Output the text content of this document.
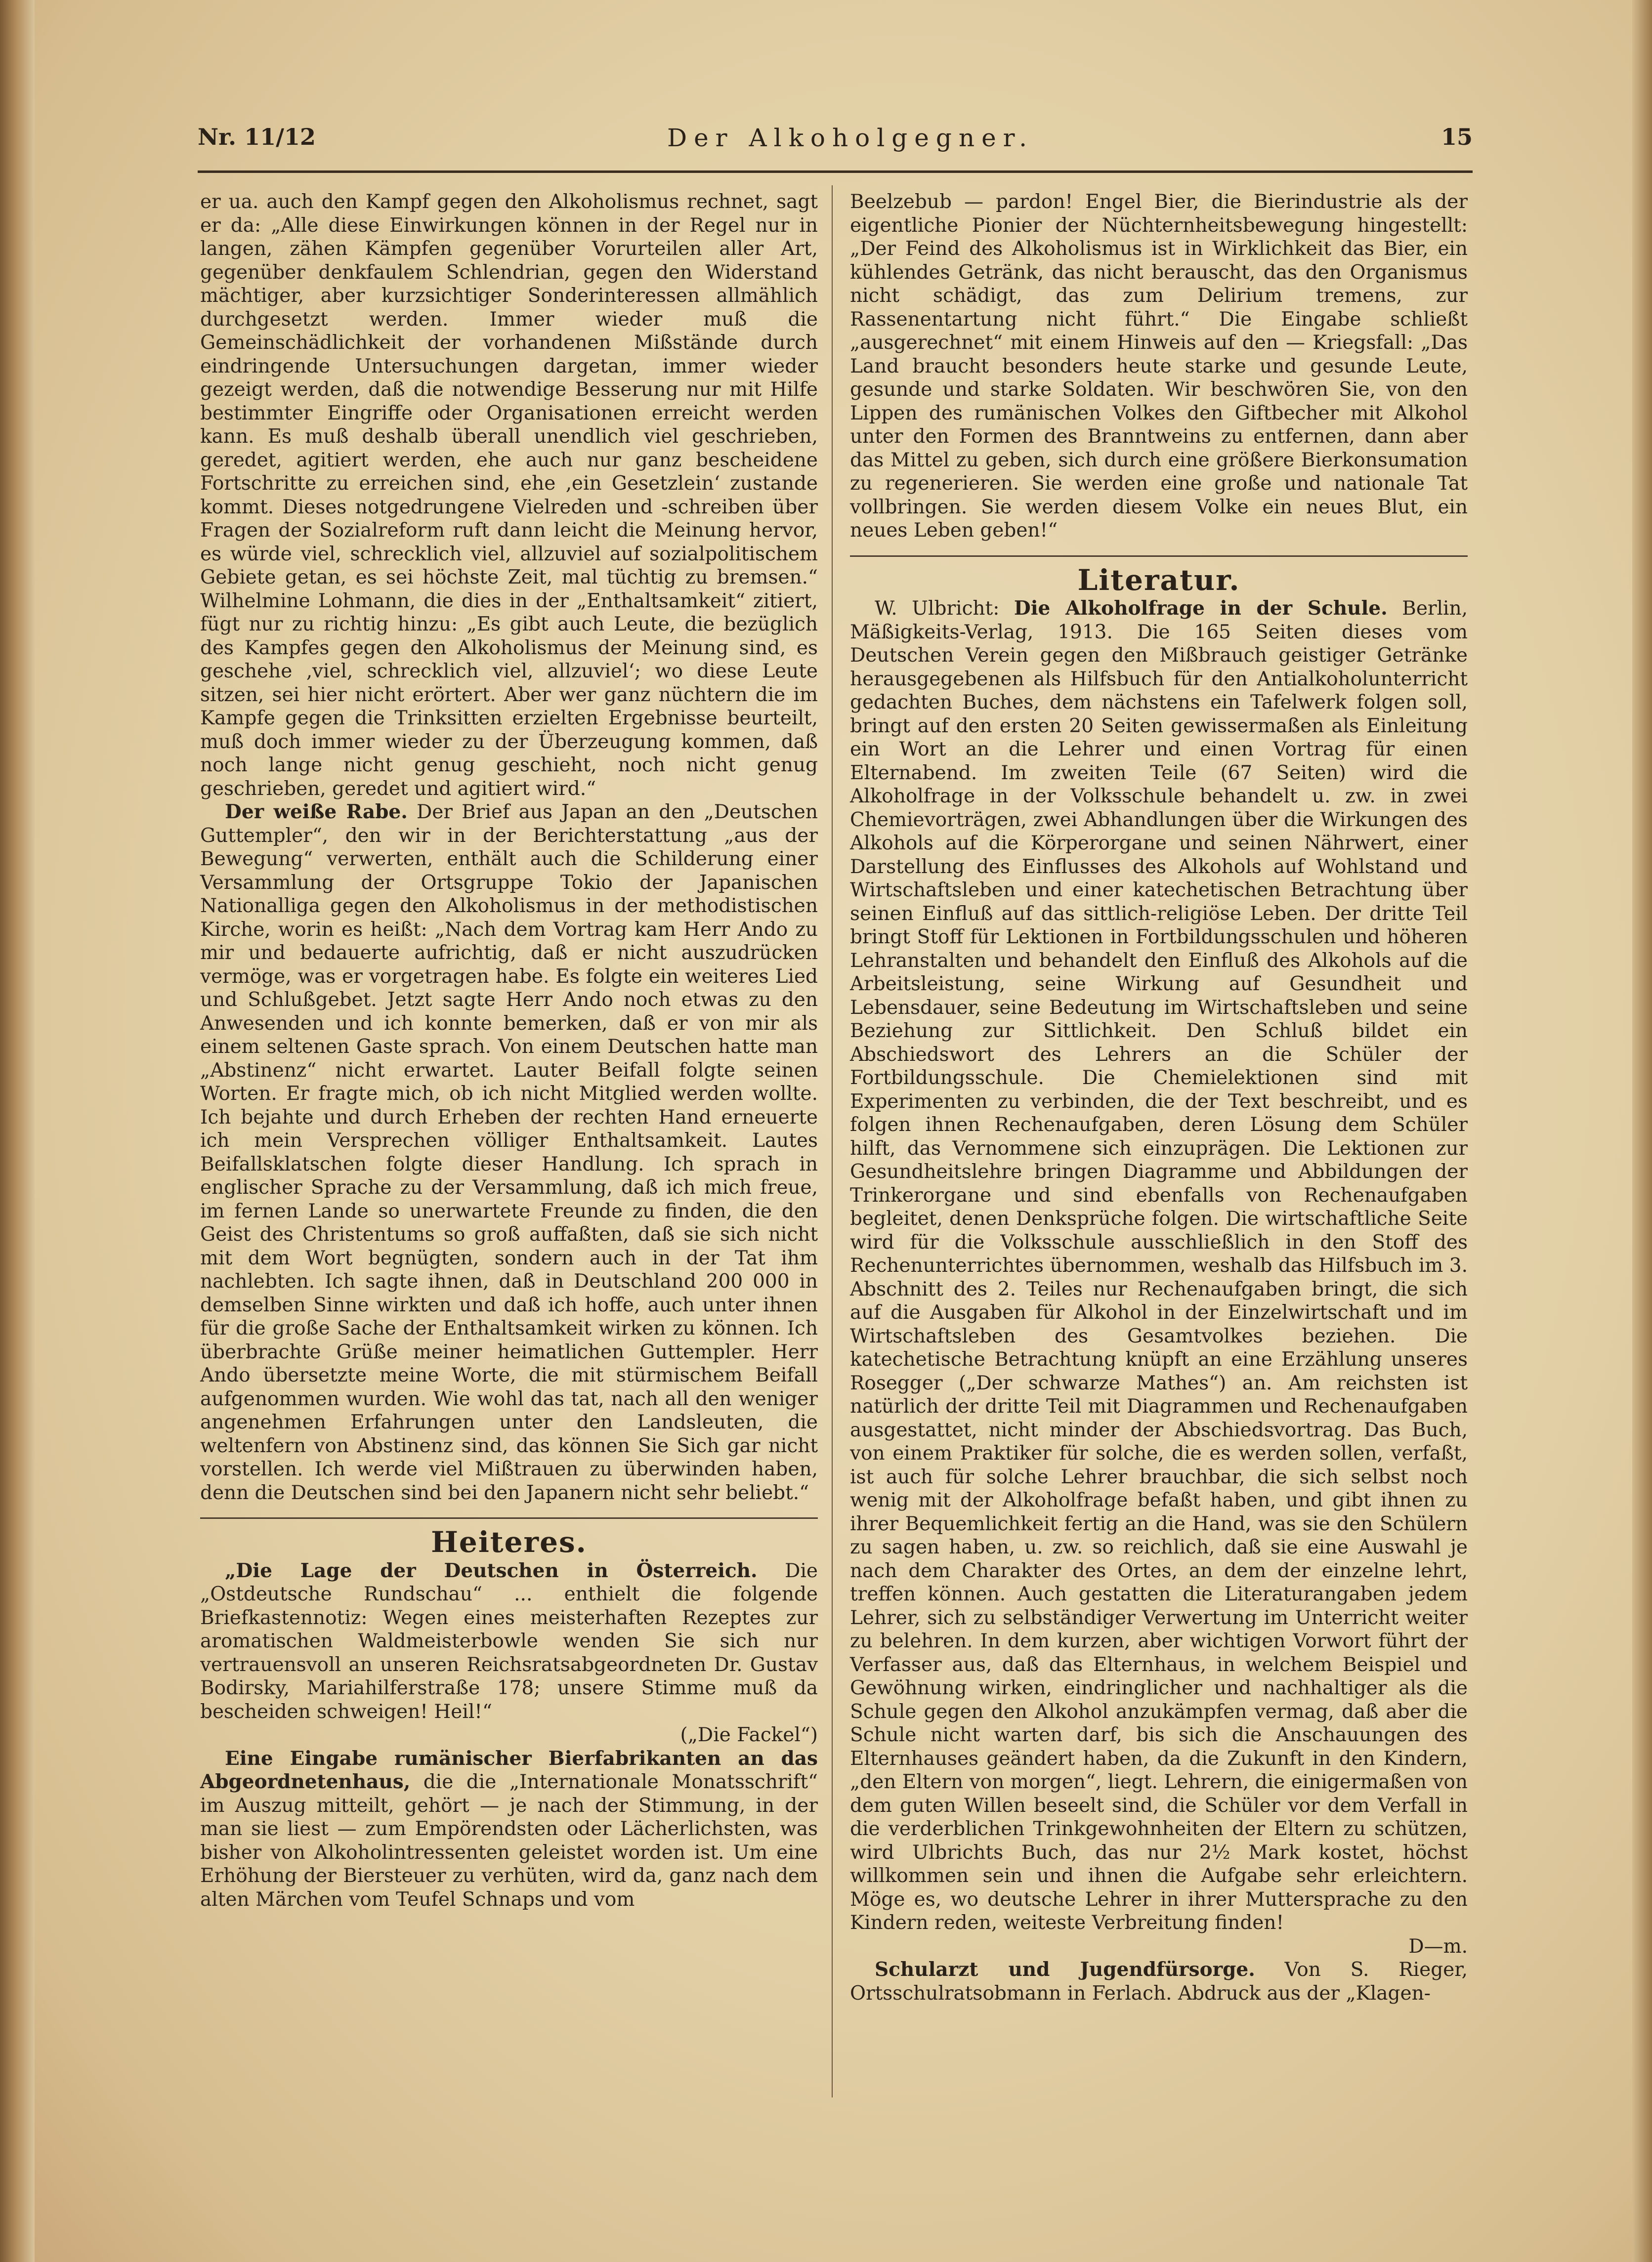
Nr. 11/12	Der Alkoholgegner.	15

er ua. auch den Kampf gegen den Alkoholismus rechnet, sagt er da: „Alle diese Einwirkungen können in der Regel nur in langen, zähen Kämpfen gegenüber Vorurteilen aller Art, gegenüber denkfaulem Schlendrian, gegen den Widerstand mächtiger, aber kurzsichtiger Sonderinteressen allmählich durchgesetzt werden. Immer wieder muß die Gemeinschädlichkeit der vorhandenen Mißstände durch eindringende Untersuchungen dargetan, immer wieder gezeigt werden, daß die notwendige Besserung nur mit Hilfe bestimmter Eingriffe oder Organisationen erreicht werden kann. Es muß deshalb überall unendlich viel geschrieben, geredet, agitiert werden, ehe auch nur ganz bescheidene Fortschritte zu erreichen sind, ehe ‚ein Gesetzlein‘ zustande kommt. Dieses notgedrungene Vielreden und -schreiben über Fragen der Sozialreform ruft dann leicht die Meinung hervor, es würde viel, schrecklich viel, allzuviel auf sozialpolitischem Gebiete getan, es sei höchste Zeit, mal tüchtig zu bremsen.“ Wilhelmine Lohmann, die dies in der „Enthaltsamkeit“ zitiert, fügt nur zu richtig hinzu: „Es gibt auch Leute, die bezüglich des Kampfes gegen den Alkoholismus der Meinung sind, es geschehe ‚viel, schrecklich viel, allzuviel‘; wo diese Leute sitzen, sei hier nicht erörtert. Aber wer ganz nüchtern die im Kampfe gegen die Trinksitten erzielten Ergebnisse beurteilt, muß doch immer wieder zu der Überzeugung kommen, daß noch lange nicht genug geschieht, noch nicht genug geschrieben, geredet und agitiert wird.“

Der weiße Rabe. Der Brief aus Japan an den „Deutschen Guttempler“, den wir in der Berichterstattung „aus der Bewegung“ verwerten, enthält auch die Schilderung einer Versammlung der Ortsgruppe Tokio der Japanischen Nationalliga gegen den Alkoholismus in der methodistischen Kirche, worin es heißt: „Nach dem Vortrag kam Herr Ando zu mir und bedauerte aufrichtig, daß er nicht auszudrücken vermöge, was er vorgetragen habe. Es folgte ein weiteres Lied und Schlußgebet. Jetzt sagte Herr Ando noch etwas zu den Anwesenden und ich konnte bemerken, daß er von mir als einem seltenen Gaste sprach. Von einem Deutschen hatte man „Abstinenz“ nicht erwartet. Lauter Beifall folgte seinen Worten. Er fragte mich, ob ich nicht Mitglied werden wollte. Ich bejahte und durch Erheben der rechten Hand erneuerte ich mein Versprechen völliger Enthaltsamkeit. Lautes Beifallsklatschen folgte dieser Handlung. Ich sprach in englischer Sprache zu der Versammlung, daß ich mich freue, im fernen Lande so unerwartete Freunde zu finden, die den Geist des Christentums so groß auffaßten, daß sie sich nicht mit dem Wort begnügten, sondern auch in der Tat ihm nachlebten. Ich sagte ihnen, daß in Deutschland 200 000 in demselben Sinne wirkten und daß ich hoffe, auch unter ihnen für die große Sache der Enthaltsamkeit wirken zu können. Ich überbrachte Grüße meiner heimatlichen Guttempler. Herr Ando übersetzte meine Worte, die mit stürmischem Beifall aufgenommen wurden. Wie wohl das tat, nach all den weniger angenehmen Erfahrungen unter den Landsleuten, die weltenfern von Abstinenz sind, das können Sie Sich gar nicht vorstellen. Ich werde viel Mißtrauen zu überwinden haben, denn die Deutschen sind bei den Japanern nicht sehr beliebt.“

Heiteres.

„Die Lage der Deutschen in Österreich. Die „Ostdeutsche Rundschau“ ... enthielt die folgende Briefkastennotiz: Wegen eines meisterhaften Rezeptes zur aromatischen Waldmeisterbowle wenden Sie sich nur vertrauensvoll an unseren Reichsratsabgeordneten Dr. Gustav Bodirsky, Mariahilferstraße 178; unsere Stimme muß da bescheiden schweigen! Heil!“

(„Die Fackel“)

Eine Eingabe rumänischer Bierfabrikanten an das Abgeordnetenhaus, die die „Internationale Monatsschrift“ im Auszug mitteilt, gehört — je nach der Stimmung, in der man sie liest — zum Empörendsten oder Lächerlichsten, was bisher von Alkoholintressenten geleistet worden ist. Um eine Erhöhung der Biersteuer zu verhüten, wird da, ganz nach dem alten Märchen vom Teufel Schnaps und vom

Beelzebub — pardon! Engel Bier, die Bierindustrie als der eigentliche Pionier der Nüchternheitsbewegung hingestellt: „Der Feind des Alkoholismus ist in Wirklichkeit das Bier, ein kühlendes Getränk, das nicht berauscht, das den Organismus nicht schädigt, das zum Delirium tremens, zur Rassenentartung nicht führt.“ Die Eingabe schließt „ausgerechnet“ mit einem Hinweis auf den — Kriegsfall: „Das Land braucht besonders heute starke und gesunde Leute, gesunde und starke Soldaten. Wir beschwören Sie, von den Lippen des rumänischen Volkes den Giftbecher mit Alkohol unter den Formen des Branntweins zu entfernen, dann aber das Mittel zu geben, sich durch eine größere Bierkonsumation zu regenerieren. Sie werden eine große und nationale Tat vollbringen. Sie werden diesem Volke ein neues Blut, ein neues Leben geben!“

Literatur.

W. Ulbricht: Die Alkoholfrage in der Schule. Berlin, Mäßigkeits-Verlag, 1913. Die 165 Seiten dieses vom Deutschen Verein gegen den Mißbrauch geistiger Getränke herausgegebenen als Hilfsbuch für den Antialkoholunterricht gedachten Buches, dem nächstens ein Tafelwerk folgen soll, bringt auf den ersten 20 Seiten gewissermaßen als Einleitung ein Wort an die Lehrer und einen Vortrag für einen Elternabend. Im zweiten Teile (67 Seiten) wird die Alkoholfrage in der Volksschule behandelt u. zw. in zwei Chemievorträgen, zwei Abhandlungen über die Wirkungen des Alkohols auf die Körperorgane und seinen Nährwert, einer Darstellung des Einflusses des Alkohols auf Wohlstand und Wirtschaftsleben und einer katechetischen Betrachtung über seinen Einfluß auf das sittlich-religiöse Leben. Der dritte Teil bringt Stoff für Lektionen in Fortbildungsschulen und höheren Lehranstalten und behandelt den Einfluß des Alkohols auf die Arbeitsleistung, seine Wirkung auf Gesundheit und Lebensdauer, seine Bedeutung im Wirtschaftsleben und seine Beziehung zur Sittlichkeit. Den Schluß bildet ein Abschiedswort des Lehrers an die Schüler der Fortbildungsschule. Die Chemielektionen sind mit Experimenten zu verbinden, die der Text beschreibt, und es folgen ihnen Rechenaufgaben, deren Lösung dem Schüler hilft, das Vernommene sich einzuprägen. Die Lektionen zur Gesundheitslehre bringen Diagramme und Abbildungen der Trinkerorgane und sind ebenfalls von Rechenaufgaben begleitet, denen Denksprüche folgen. Die wirtschaftliche Seite wird für die Volksschule ausschließlich in den Stoff des Rechenunterrichtes übernommen, weshalb das Hilfsbuch im 3. Abschnitt des 2. Teiles nur Rechenaufgaben bringt, die sich auf die Ausgaben für Alkohol in der Einzelwirtschaft und im Wirtschaftsleben des Gesamtvolkes beziehen. Die katechetische Betrachtung knüpft an eine Erzählung unseres Rosegger („Der schwarze Mathes“) an. Am reichsten ist natürlich der dritte Teil mit Diagrammen und Rechenaufgaben ausgestattet, nicht minder der Abschiedsvortrag. Das Buch, von einem Praktiker für solche, die es werden sollen, verfaßt, ist auch für solche Lehrer brauchbar, die sich selbst noch wenig mit der Alkoholfrage befaßt haben, und gibt ihnen zu ihrer Bequemlichkeit fertig an die Hand, was sie den Schülern zu sagen haben, u. zw. so reichlich, daß sie eine Auswahl je nach dem Charakter des Ortes, an dem der einzelne lehrt, treffen können. Auch gestatten die Literaturangaben jedem Lehrer, sich zu selbständiger Verwertung im Unterricht weiter zu belehren. In dem kurzen, aber wichtigen Vorwort führt der Verfasser aus, daß das Elternhaus, in welchem Beispiel und Gewöhnung wirken, eindringlicher und nachhaltiger als die Schule gegen den Alkohol anzukämpfen vermag, daß aber die Schule nicht warten darf, bis sich die Anschauungen des Elternhauses geändert haben, da die Zukunft in den Kindern, „den Eltern von morgen“, liegt. Lehrern, die einigermaßen von dem guten Willen beseelt sind, die Schüler vor dem Verfall in die verderblichen Trinkgewohnheiten der Eltern zu schützen, wird Ulbrichts Buch, das nur 2½ Mark kostet, höchst willkommen sein und ihnen die Aufgabe sehr erleichtern. Möge es, wo deutsche Lehrer in ihrer Muttersprache zu den Kindern reden, weiteste Verbreitung finden!

D—m.

Schularzt und Jugendfürsorge. Von S. Rieger, Ortsschulratsobmann in Ferlach. Abdruck aus der „Klagen-
